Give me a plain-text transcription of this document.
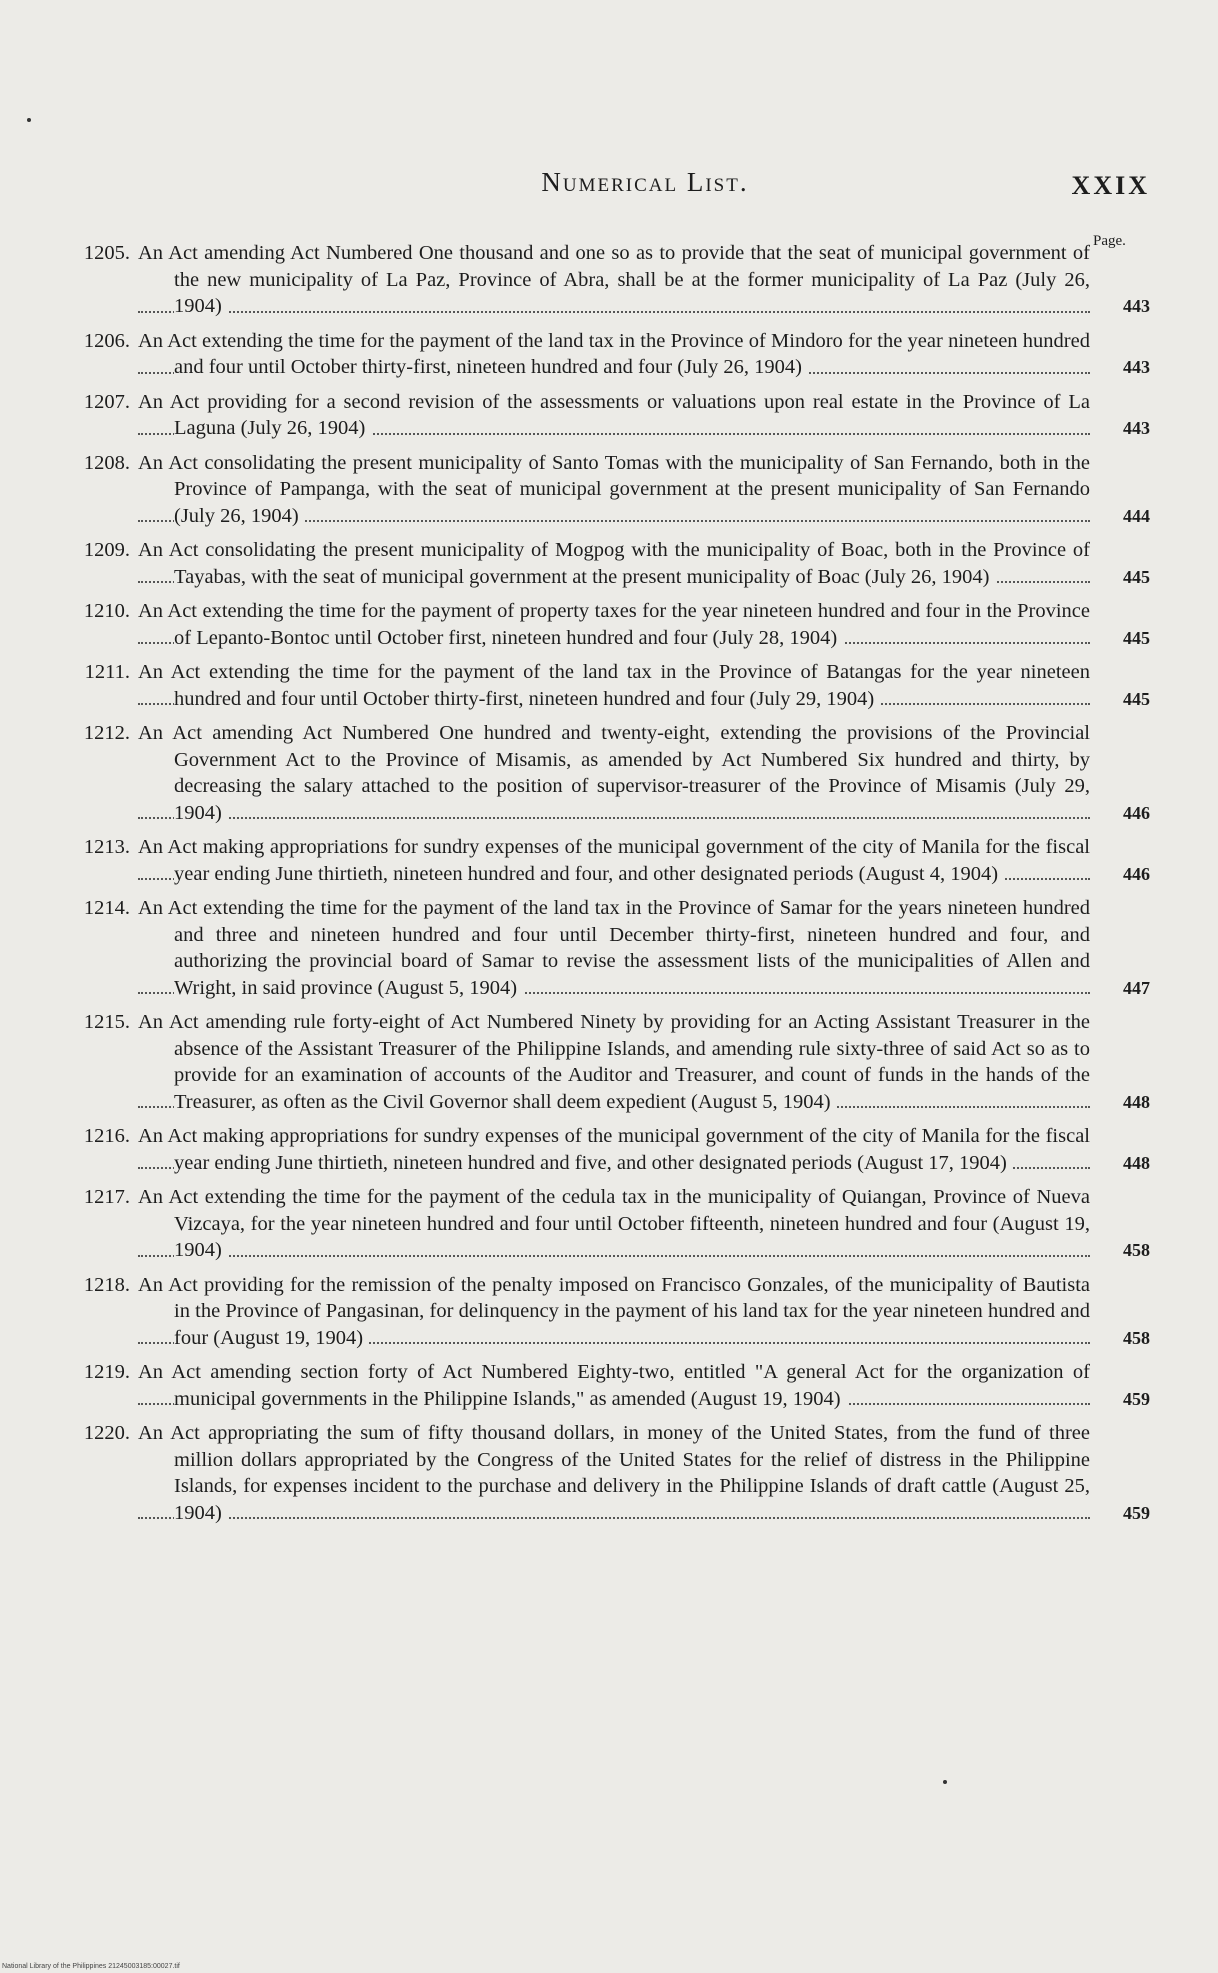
Numerical List.	XXIX
Page.
1205. An Act amending Act Numbered One thousand and one so as to provide that the seat of municipal government of the new municipality of La Paz, Province of Abra, shall be at the former municipality of La Paz (July 26, 1904)	443
1206. An Act extending the time for the payment of the land tax in the Province of Mindoro for the year nineteen hundred and four until October thirty-first, nineteen hundred and four (July 26, 1904)	443
1207. An Act providing for a second revision of the assessments or valuations upon real estate in the Province of La Laguna (July 26, 1904)	443
1208. An Act consolidating the present municipality of Santo Tomas with the municipality of San Fernando, both in the Province of Pampanga, with the seat of municipal government at the present municipality of San Fernando (July 26, 1904)	444
1209. An Act consolidating the present municipality of Mogpog with the municipality of Boac, both in the Province of Tayabas, with the seat of municipal government at the present municipality of Boac (July 26, 1904)	445
1210. An Act extending the time for the payment of property taxes for the year nineteen hundred and four in the Province of Lepanto-Bontoc until October first, nineteen hundred and four (July 28, 1904)	445
1211. An Act extending the time for the payment of the land tax in the Province of Batangas for the year nineteen hundred and four until October thirty-first, nineteen hundred and four (July 29, 1904)	445
1212. An Act amending Act Numbered One hundred and twenty-eight, extending the provisions of the Provincial Government Act to the Province of Misamis, as amended by Act Numbered Six hundred and thirty, by decreasing the salary attached to the position of supervisor-treasurer of the Province of Misamis (July 29, 1904)	446
1213. An Act making appropriations for sundry expenses of the municipal government of the city of Manila for the fiscal year ending June thirtieth, nineteen hundred and four, and other designated periods (August 4, 1904)	446
1214. An Act extending the time for the payment of the land tax in the Province of Samar for the years nineteen hundred and three and nineteen hundred and four until December thirty-first, nineteen hundred and four, and authorizing the provincial board of Samar to revise the assessment lists of the municipalities of Allen and Wright, in said province (August 5, 1904)	447
1215. An Act amending rule forty-eight of Act Numbered Ninety by providing for an Acting Assistant Treasurer in the absence of the Assistant Treasurer of the Philippine Islands, and amending rule sixty-three of said Act so as to provide for an examination of accounts of the Auditor and Treasurer, and count of funds in the hands of the Treasurer, as often as the Civil Governor shall deem expedient (August 5, 1904)	448
1216. An Act making appropriations for sundry expenses of the municipal government of the city of Manila for the fiscal year ending June thirtieth, nineteen hundred and five, and other designated periods (August 17, 1904)	448
1217. An Act extending the time for the payment of the cedula tax in the municipality of Quiangan, Province of Nueva Vizcaya, for the year nineteen hundred and four until October fifteenth, nineteen hundred and four (August 19, 1904)	458
1218. An Act providing for the remission of the penalty imposed on Francisco Gonzales, of the municipality of Bautista in the Province of Pangasinan, for delinquency in the payment of his land tax for the year nineteen hundred and four (August 19, 1904)	458
1219. An Act amending section forty of Act Numbered Eighty-two, entitled "A general Act for the organization of municipal governments in the Philippine Islands," as amended (August 19, 1904)	459
1220. An Act appropriating the sum of fifty thousand dollars, in money of the United States, from the fund of three million dollars appropriated by the Congress of the United States for the relief of distress in the Philippine Islands, for expenses incident to the purchase and delivery in the Philippine Islands of draft cattle (August 25, 1904)	459
National Library of the Philippines 21245003185:00027.tif
